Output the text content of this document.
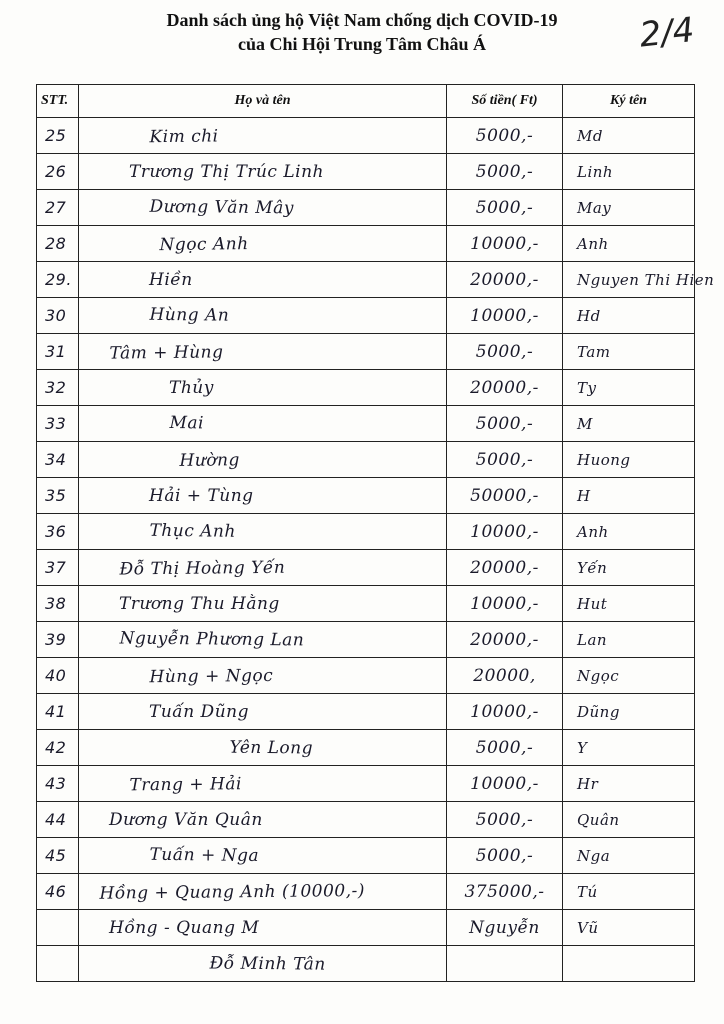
Danh sách ủng hộ Việt Nam chống dịch COVID-19
của Chi Hội Trung Tâm Châu Á	2/4
STT.	Họ và tên	Số tiền( Ft)	Ký tên
25	Kim chi	5000,-	Md
26	Trương Thị Trúc Linh	5000,-	Linh
27	Dương Văn Mây	5000,-	May
28	Ngọc Anh	10000,-	Anh
29.	Hiền	20000,-	Nguyen Thi Hien
30	Hùng An	10000,-	Hd
31	Tâm + Hùng	5000,-	Tam
32	Thủy	20000,-	Ty
33	Mai	5000,-	M
34	Hường	5000,-	Huong
35	Hải + Tùng	50000,-	H
36	Thục Anh	10000,-	Anh
37	Đỗ Thị Hoàng Yến	20000,-	Yến
38	Trương Thu Hằng	10000,-	Hut
39	Nguyễn Phương Lan	20000,-	Lan
40	Hùng + Ngọc	20000,	Ngọc
41	Tuấn Dũng	10000,-	Dũng
42	Yên Long	5000,-	Y
43	Trang + Hải	10000,-	Hr
44	Dương Văn Quân	5000,-	Quân
45	Tuấn + Nga	5000,-	Nga
46	Hồng + Quang Anh (10000,-)	375000,-	Tú
	Hồng - Quang M	Nguyễn	Vũ
	Đỗ Minh Tân		
